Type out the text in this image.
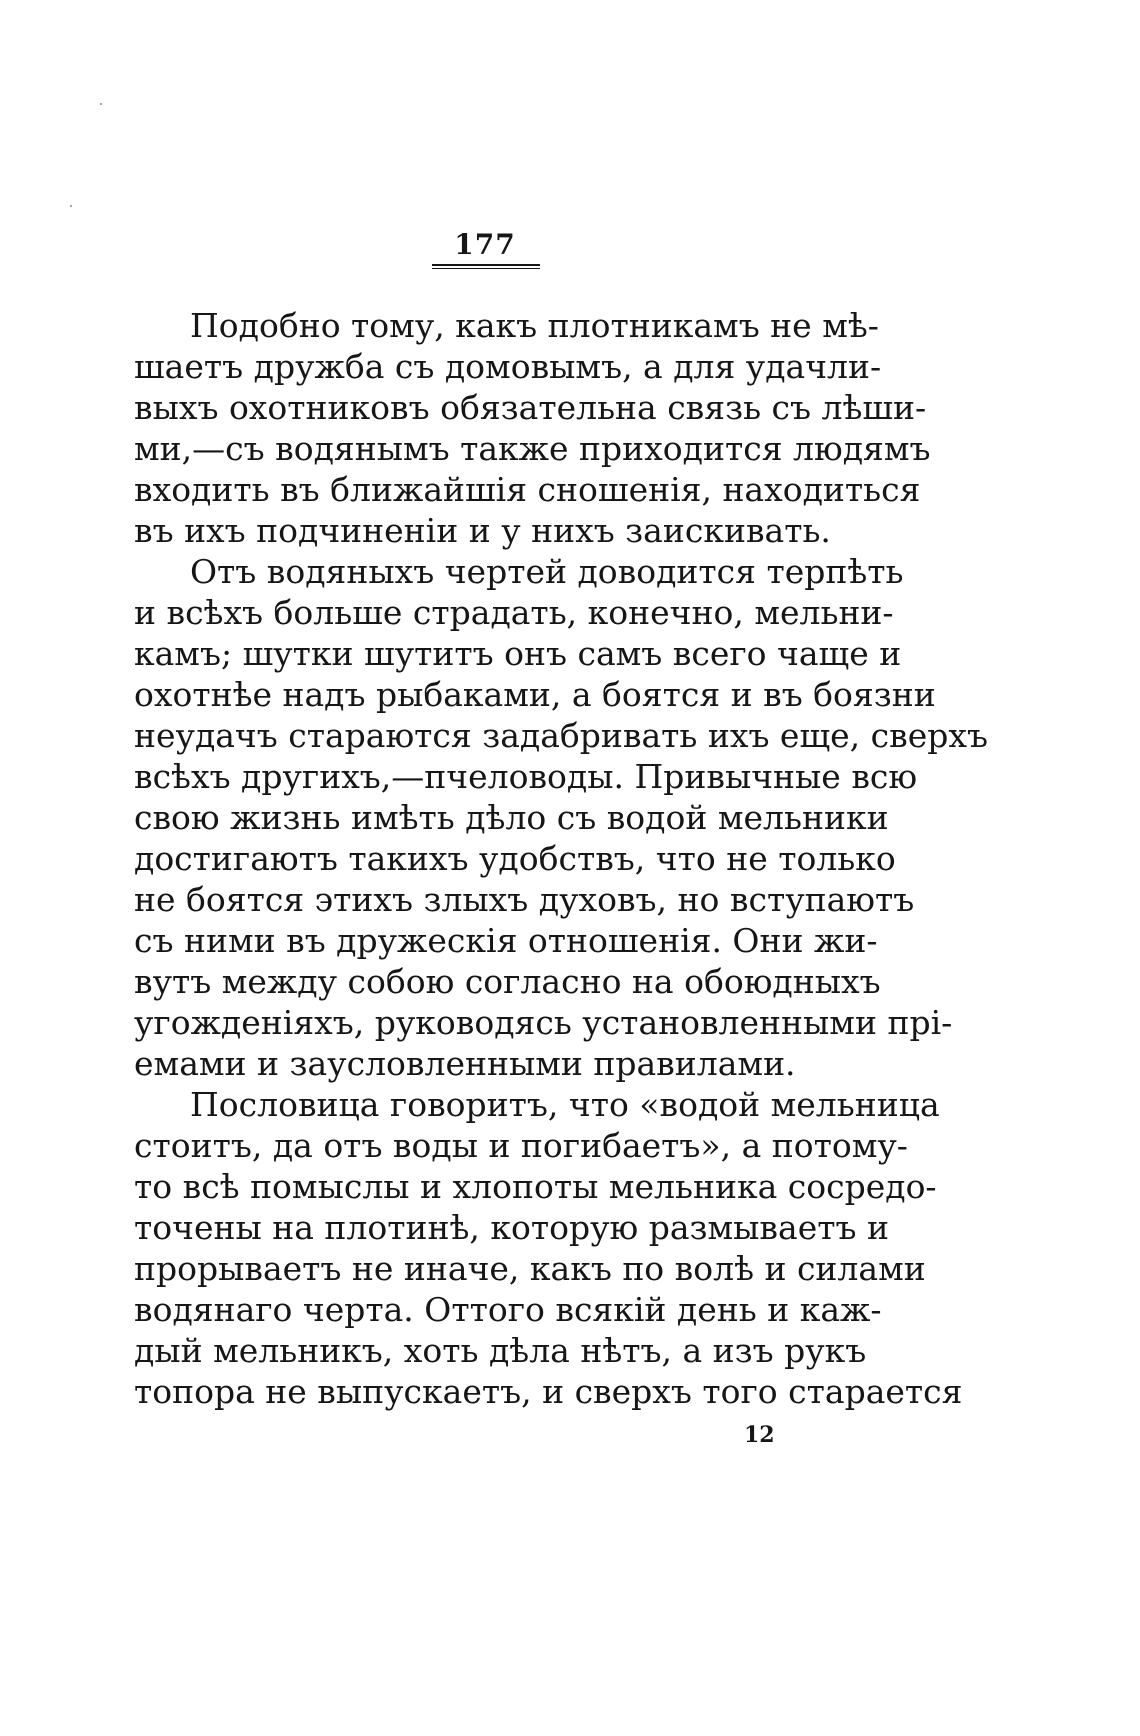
177

Подобно тому, какъ плотникамъ не мѣ-
шаетъ дружба съ домовымъ, а для удачли-
выхъ охотниковъ обязательна связь съ лѣши-
ми,—съ водянымъ также приходится людямъ
входить въ ближайшія сношенія, находиться
въ ихъ подчиненіи и у нихъ заискивать.
Отъ водяныхъ чертей доводится терпѣть
и всѣхъ больше страдать, конечно, мельни-
камъ; шутки шутитъ онъ самъ всего чаще и
охотнѣе надъ рыбаками, а боятся и въ боязни
неудачъ стараются задабривать ихъ еще, сверхъ
всѣхъ другихъ,—пчеловоды. Привычные всю
свою жизнь имѣть дѣло съ водой мельники
достигаютъ такихъ удобствъ, что не только
не боятся этихъ злыхъ духовъ, но вступаютъ
съ ними въ дружескія отношенія. Они жи-
вутъ между собою согласно на обоюдныхъ
угожденіяхъ, руководясь установленными прі-
емами и заусловленными правилами.
Пословица говоритъ, что «водой мельница
стоитъ, да отъ воды и погибаетъ», а потому-
то всѣ помыслы и хлопоты мельника сосредо-
точены на плотинѣ, которую размываетъ и
прорываетъ не иначе, какъ по волѣ и силами
водянаго черта. Оттого всякій день и каж-
дый мельникъ, хоть дѣла нѣтъ, а изъ рукъ
топора не выпускаетъ, и сверхъ того старается

12
